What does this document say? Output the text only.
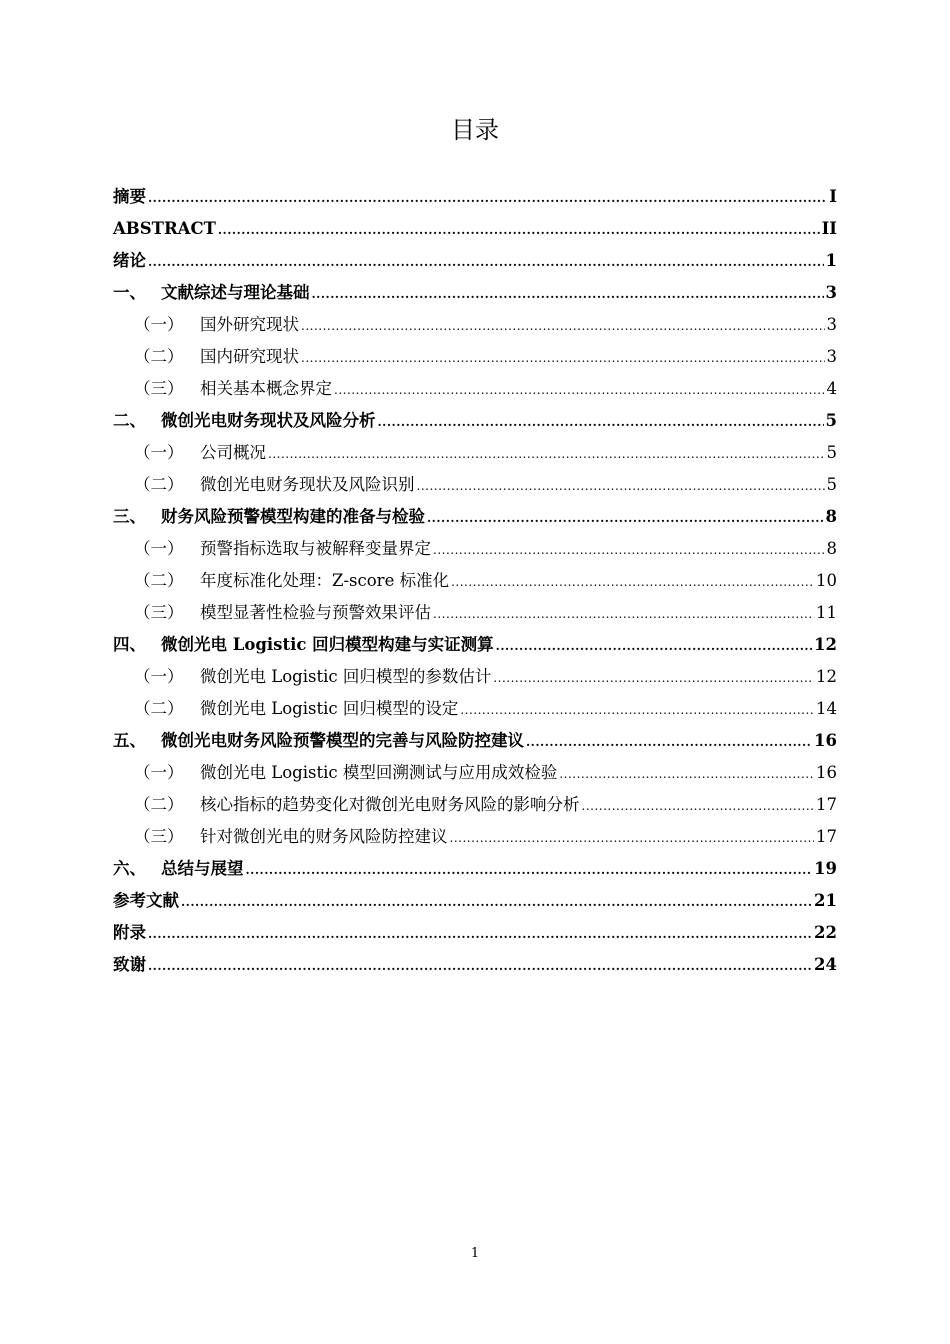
目录
摘要 .....	I
ABSTRACT .....	II
绪论 .....	1
一、 文献综述与理论基础 .....	3
（一）	国外研究现状 .....	3
（二）	国内研究现状 .....	3
（三）	相关基本概念界定 .....	4
二、 微创光电财务现状及风险分析 .....	5
（一）	公司概况 .....	5
（二）	微创光电财务现状及风险识别 .....	5
三、 财务风险预警模型构建的准备与检验 .....	8
（一）	预警指标选取与被解释变量界定 .....	8
（二）	年度标准化处理：Z-score 标准化 .....	10
（三）	模型显著性检验与预警效果评估 .....	11
四、 微创光电 Logistic 回归模型构建与实证测算 .....	12
（一）	微创光电 Logistic 回归模型的参数估计 .....	12
（二）	微创光电 Logistic 回归模型的设定 .....	14
五、 微创光电财务风险预警模型的完善与风险防控建议 .....	16
（一）	微创光电 Logistic 模型回溯测试与应用成效检验 .....	16
（二）	核心指标的趋势变化对微创光电财务风险的影响分析 .....	17
（三）	针对微创光电的财务风险防控建议 .....	17
六、 总结与展望 .....	19
参考文献 .....	21
附录 .....	22
致谢 .....	24
1
